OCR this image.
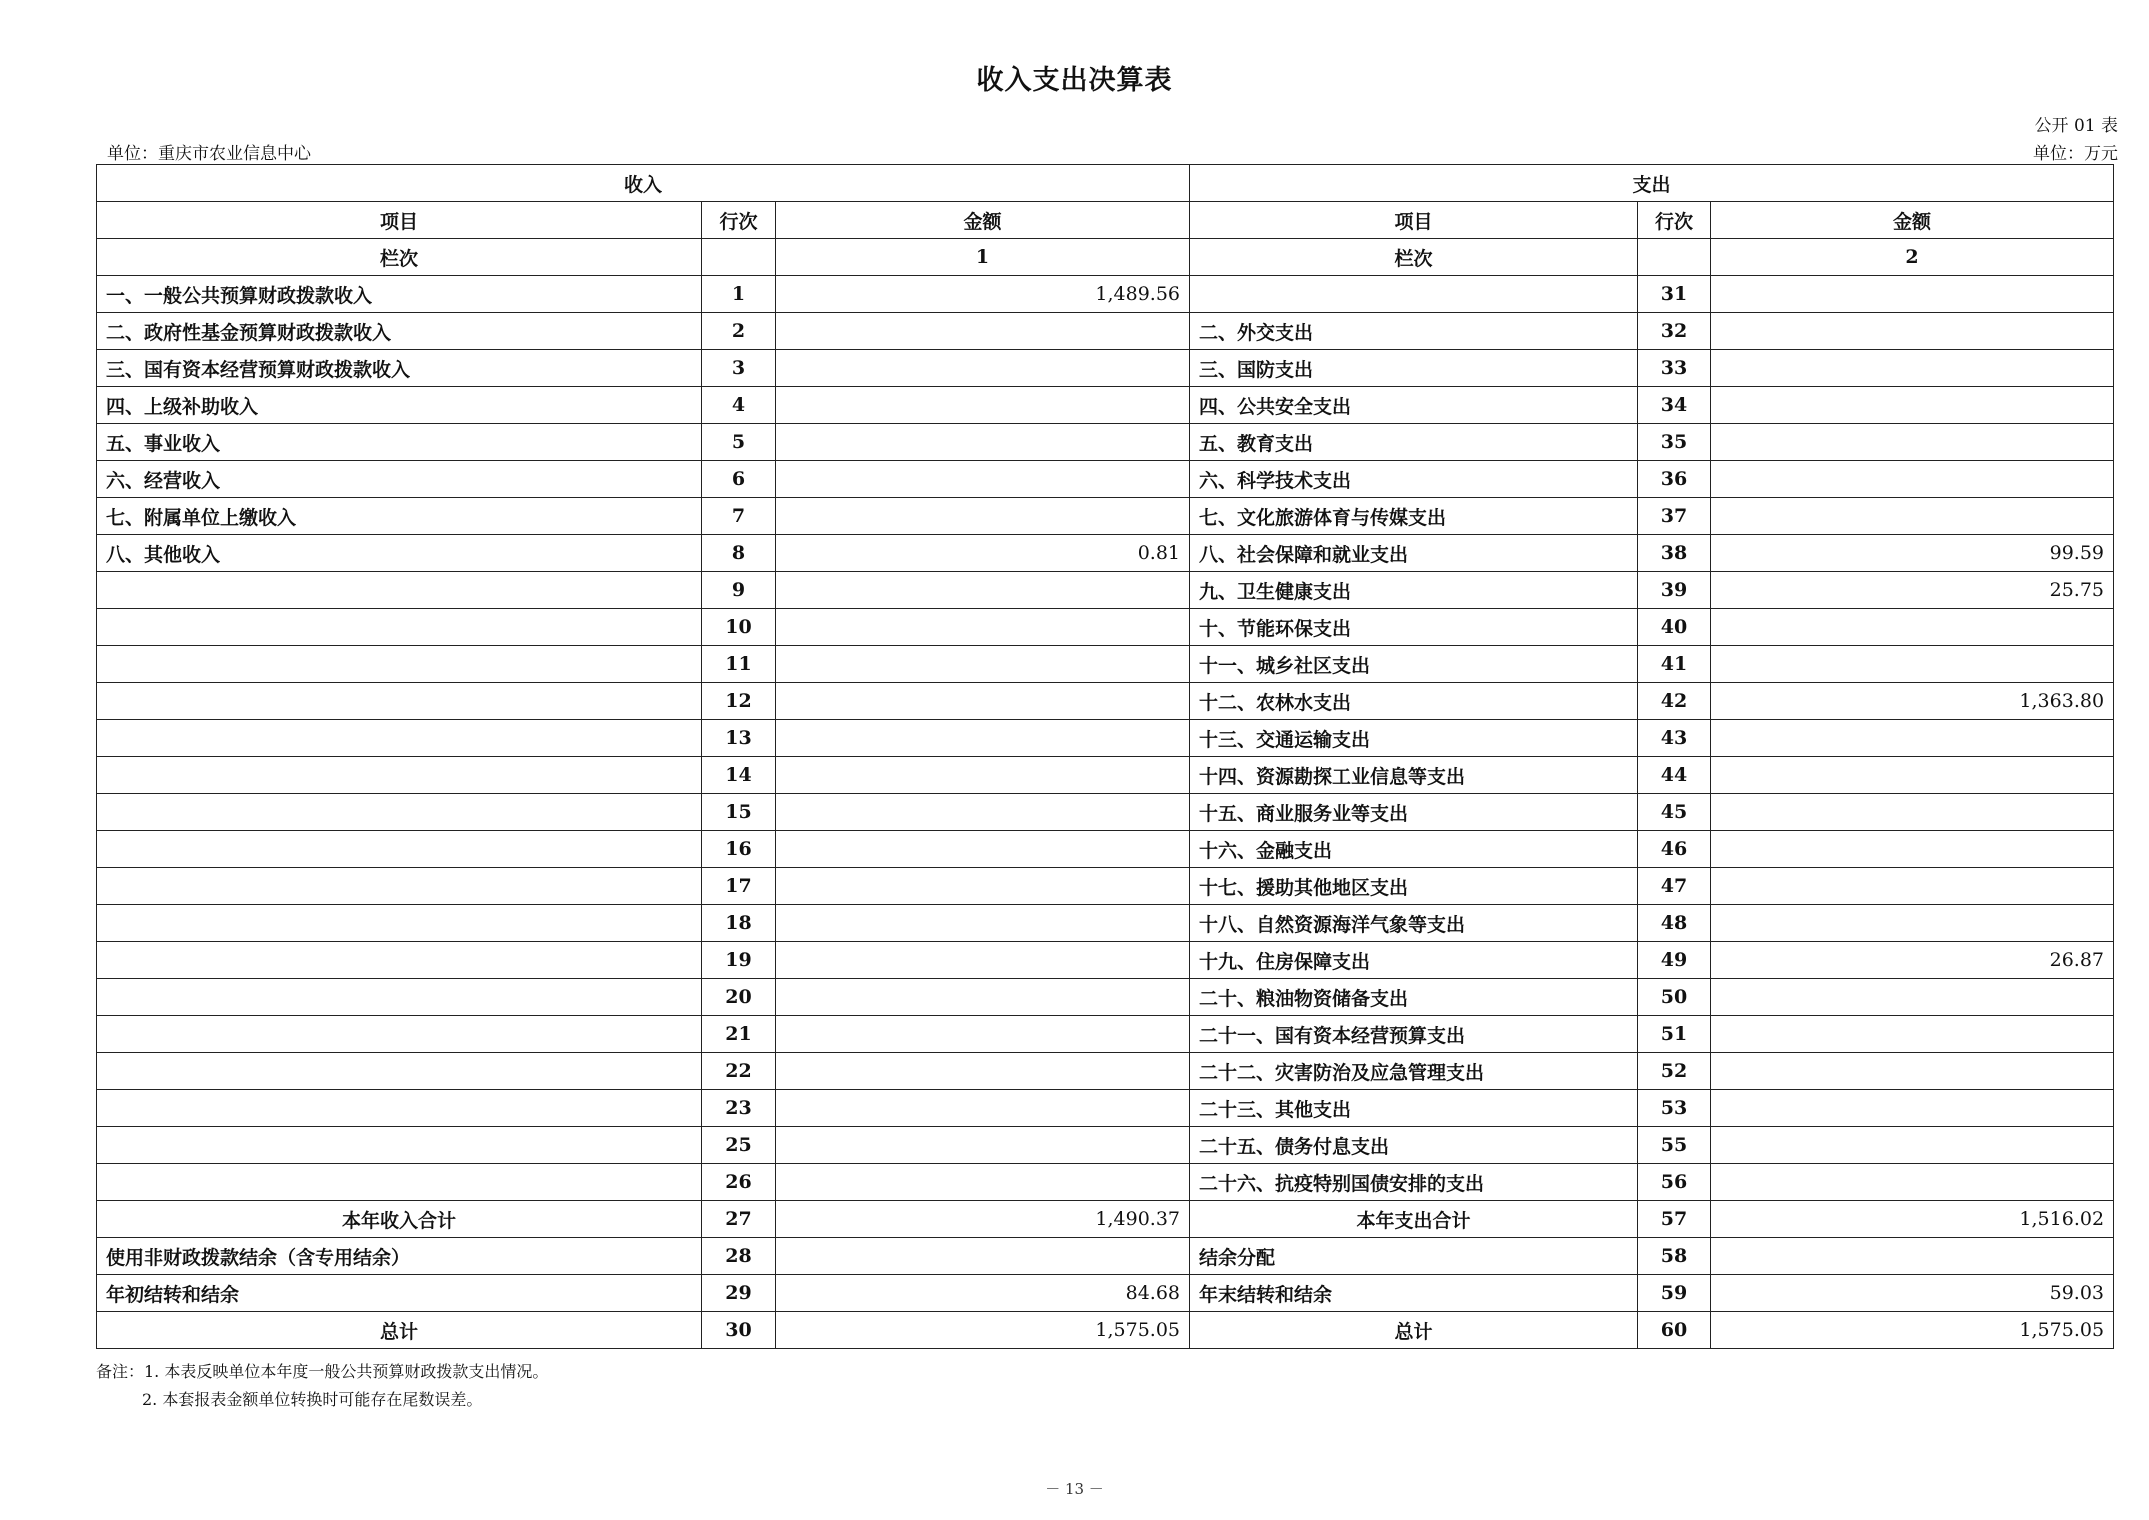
收入支出决算表
公开 01 表
单位：重庆市农业信息中心	单位：万元
收入			支出		
项目	行次	金额	项目	行次	金额
栏次		1	栏次		2
一、一般公共预算财政拨款收入	1	1,489.56		31	
二、政府性基金预算财政拨款收入	2		二、外交支出	32	
三、国有资本经营预算财政拨款收入	3		三、国防支出	33	
四、上级补助收入	4		四、公共安全支出	34	
五、事业收入	5		五、教育支出	35	
六、经营收入	6		六、科学技术支出	36	
七、附属单位上缴收入	7		七、文化旅游体育与传媒支出	37	
八、其他收入	8	0.81	八、社会保障和就业支出	38	99.59
	9		九、卫生健康支出	39	25.75
	10		十、节能环保支出	40	
	11		十一、城乡社区支出	41	
	12		十二、农林水支出	42	1,363.80
	13		十三、交通运输支出	43	
	14		十四、资源勘探工业信息等支出	44	
	15		十五、商业服务业等支出	45	
	16		十六、金融支出	46	
	17		十七、援助其他地区支出	47	
	18		十八、自然资源海洋气象等支出	48	
	19		十九、住房保障支出	49	26.87
	20		二十、粮油物资储备支出	50	
	21		二十一、国有资本经营预算支出	51	
	22		二十二、灾害防治及应急管理支出	52	
	23		二十三、其他支出	53	
	25		二十五、债务付息支出	55	
	26		二十六、抗疫特别国债安排的支出	56	
本年收入合计	27	1,490.37	本年支出合计	57	1,516.02
使用非财政拨款结余（含专用结余）	28		结余分配	58	
年初结转和结余	29	84.68	年末结转和结余	59	59.03
总计	30	1,575.05	总计	60	1,575.05
备注：1. 本表反映单位本年度一般公共预算财政拨款支出情况。
2. 本套报表金额单位转换时可能存在尾数误差。
－ 13 －
